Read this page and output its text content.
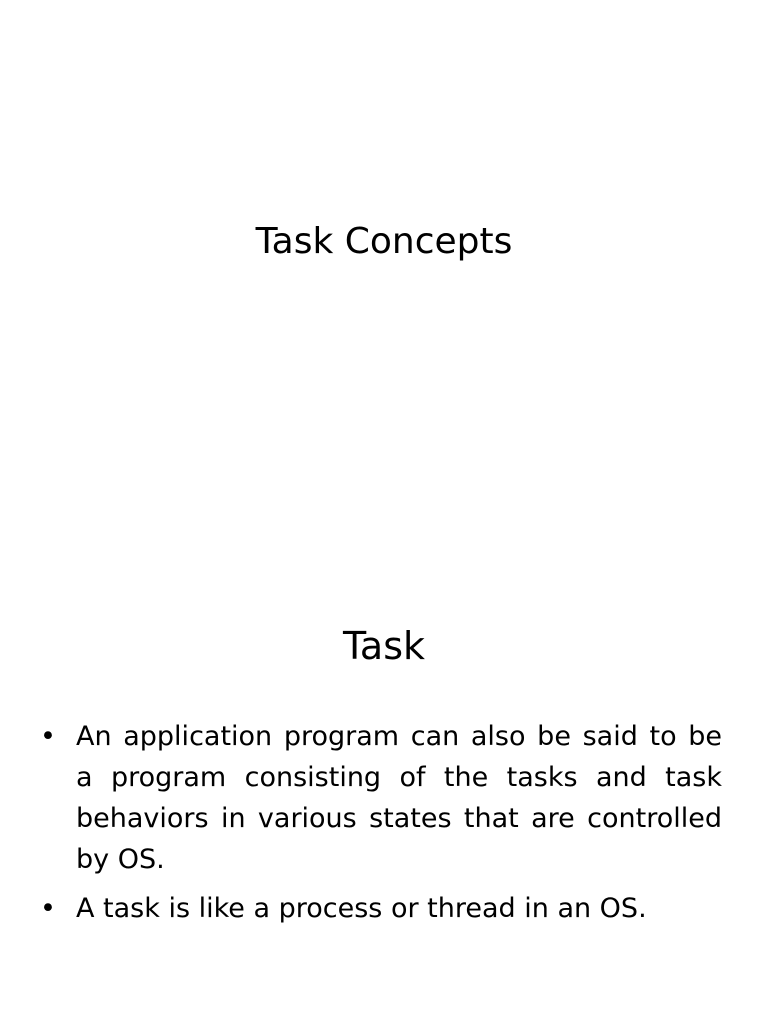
Task Concepts
Task
• An application program can also be said to be a program consisting of the tasks and task behaviors in various states that are controlled by OS.
• A task is like a process or thread in an OS.
